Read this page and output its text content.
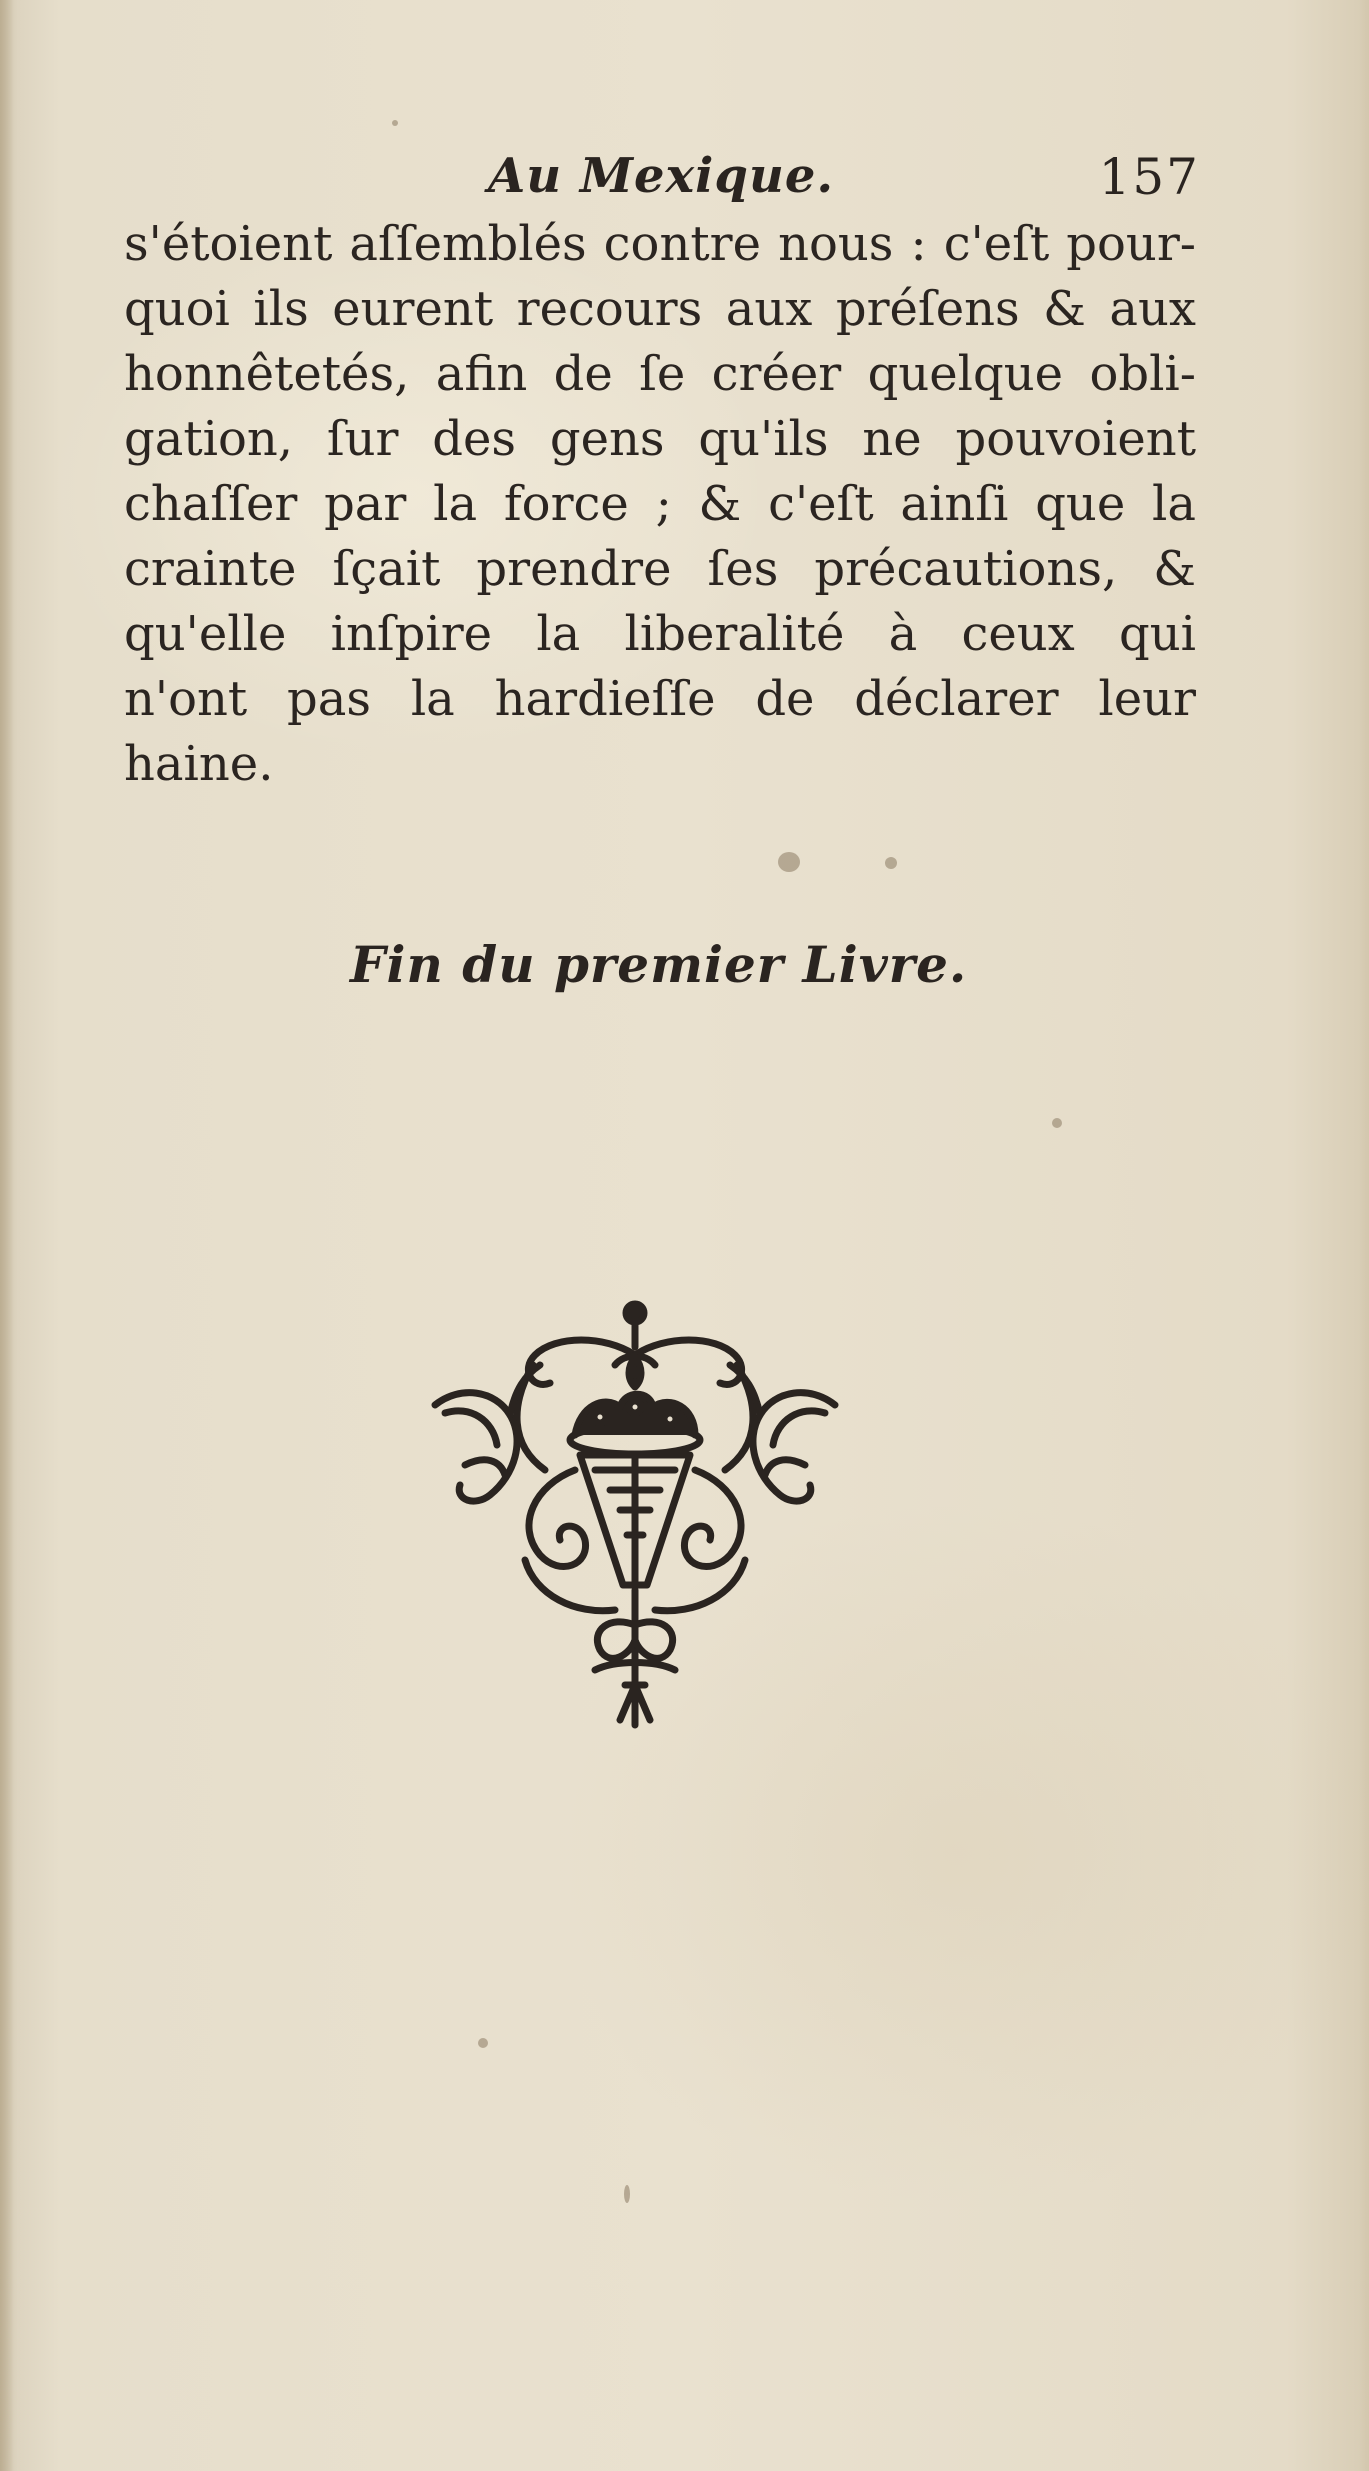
Au Mexique.	157
s'étoient aſſemblés contre nous : c'eſt pour-
quoi ils eurent recours aux préſens & aux
honnêtetés, afin de ſe créer quelque obli-
gation, ſur des gens qu'ils ne pouvoient
chaſſer par la force ; & c'eſt ainſi que la
crainte ſçait prendre ſes précautions, &
qu'elle inſpire la liberalité à ceux qui
n'ont pas la hardieſſe de déclarer leur
haine.
Fin du premier Livre.
